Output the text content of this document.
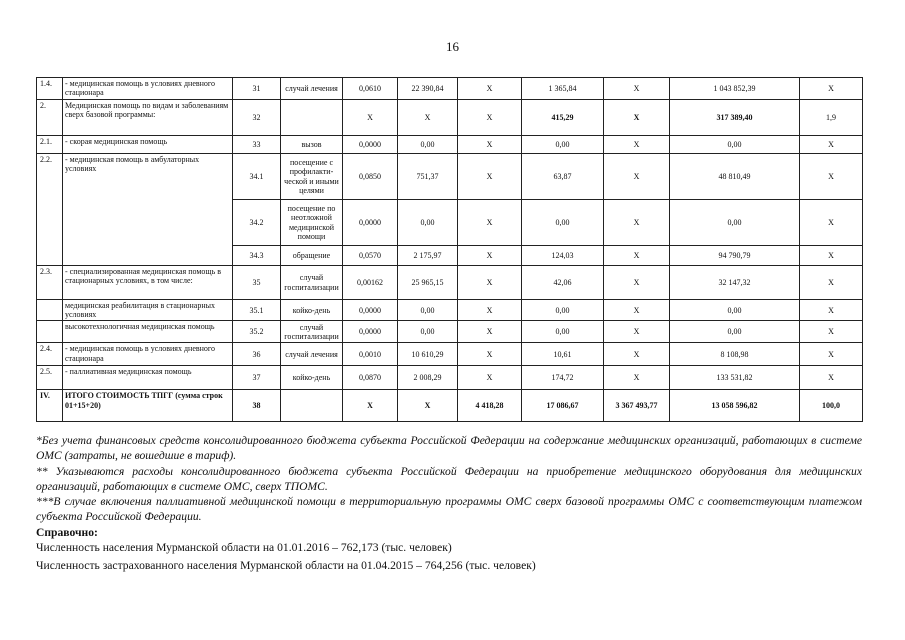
16
1.4.	- медицинская помощь в условиях дневного стационара	31	случай лечения	0,0610	22 390,84	Х	1 365,84	Х	1 043 852,39	Х
2.	Медицинская помощь по видам и заболеваниям сверх базовой программы:	32		Х	Х	Х	415,29	Х	317 389,40	1,9
2.1.	- скорая медицинская помощь	33	вызов	0,0000	0,00	Х	0,00	Х	0,00	Х
2.2.	- медицинская помощь в амбулаторных условиях	34.1	посещение с профилакти-ческой и иными целями	0,0850	751,37	Х	63,87	Х	48 810,49	Х
		34.2	посещение по неотложной медицинской помощи	0,0000	0,00	Х	0,00	Х	0,00	Х
		34.3	обращение	0,0570	2 175,97	Х	124,03	Х	94 790,79	Х
2.3.	- специализированная медицинская помощь в стационарных условиях, в том числе:	35	случай госпитализации	0,00162	25 965,15	Х	42,06	Х	32 147,32	Х
	медицинская реабилитация в стационарных условиях	35.1	койко-день	0,0000	0,00	Х	0,00	Х	0,00	Х
	высокотехнологичная медицинская помощь	35.2	случай госпитализации	0,0000	0,00	Х	0,00	Х	0,00	Х
2.4.	- медицинская помощь в условиях дневного стационара	36	случай лечения	0,0010	10 610,29	Х	10,61	Х	8 108,98	Х
2.5.	- паллиативная медицинская помощь	37	койко-день	0,0870	2 008,29	Х	174,72	Х	133 531,82	Х
IV.	ИТОГО СТОИМОСТЬ ТПГГ (сумма строк 01+15+20)	38		Х	Х	4 418,28	17 086,67	3 367 493,77	13 058 596,82	100,0

*Без учета финансовых средств консолидированного бюджета субъекта Российской Федерации на содержание медицинских организаций, работающих в системе ОМС (затраты, не вошедшие в тариф).

** Указываются расходы консолидированного бюджета субъекта Российской Федерации на приобретение медицинского оборудования для медицинских организаций, работающих в системе ОМС, сверх ТПОМС.

***В случае включения паллиативной медицинской помощи в территориальную программы ОМС сверх базовой программы ОМС с соответствующим платежом субъекта Российской Федерации.

Справочно:

Численность населения Мурманской области на 01.01.2016 – 762,173 (тыс. человек)

Численность застрахованного населения Мурманской области на 01.04.2015 – 764,256 (тыс. человек)
